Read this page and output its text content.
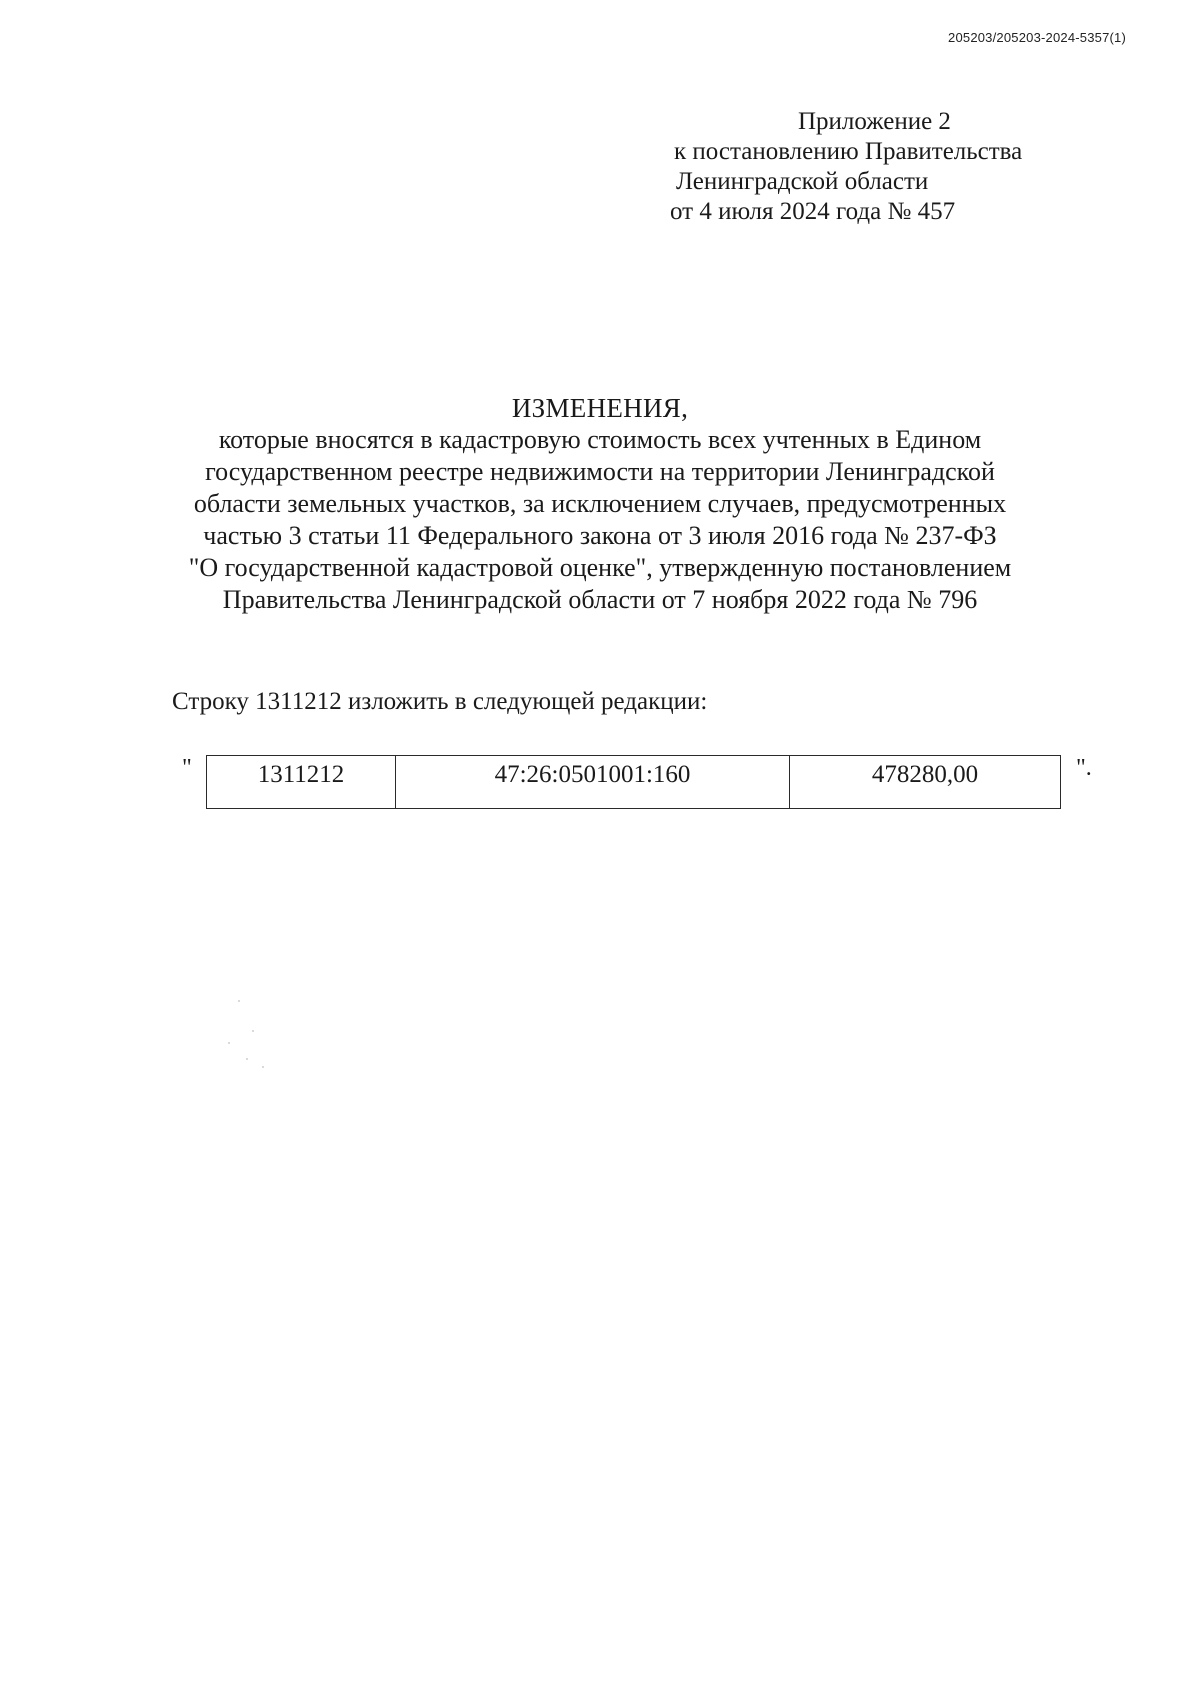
205203/205203-2024-5357(1)
Приложение 2
к постановлению Правительства
Ленинградской области
от 4 июля 2024 года № 457
ИЗМЕНЕНИЯ,
которые вносятся в кадастровую стоимость всех учтенных в Едином
государственном реестре недвижимости на территории Ленинградской
области земельных участков, за исключением случаев, предусмотренных
частью 3 статьи 11 Федерального закона от 3 июля 2016 года № 237-ФЗ
"О государственной кадастровой оценке", утвержденную постановлением
Правительства Ленинградской области от 7 ноября 2022 года № 796
Строку 1311212 изложить в следующей редакции:
"	1311212	47:26:0501001:160	478280,00	".
